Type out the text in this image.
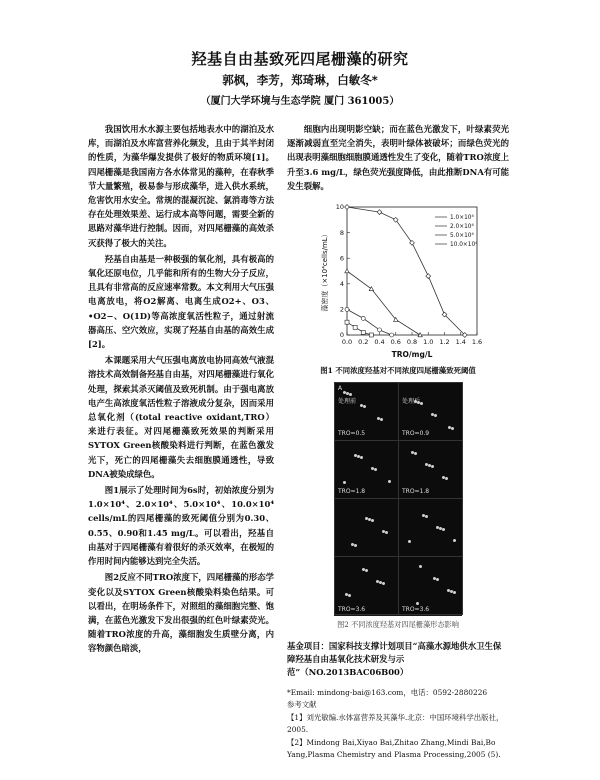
羟基自由基致死四尾栅藻的研究
郭枫，李芳，郑琦琳，白敏冬*
（厦门大学环境与生态学院 厦门 361005）

我国饮用水水源主要包括地表水中的湖泊及水库，而湖泊及水库富营养化频发，且由于其半封闭的性质，为藻华爆发提供了极好的物质环境[1]。四尾栅藻是我国南方各水体常见的藻种，在春秋季节大量繁殖，极易参与形成藻华，进入供水系统，危害饮用水安全。常规的混凝沉淀、氯消毒等方法存在处理效果差、运行成本高等问题，需要全新的思路对藻华进行控制。因而，对四尾栅藻的高效杀灭获得了极大的关注。

羟基自由基是一种极强的氧化剂，具有极高的氧化还原电位，几乎能和所有的生物大分子反应，且具有非常高的反应速率常数。本文利用大气压强电离放电，将O2解离、电离生成O2+、O3、•O2−、O(1D)等高浓度氧活性粒子，通过射流器高压、空穴效应，实现了羟基自由基的高效生成[2]。

本课题采用大气压强电离放电协同高效气液混溶技术高效制备羟基自由基，对四尾栅藻进行氧化处理，探索其杀灭阈值及致死机制。由于强电离放电产生高浓度氧活性粒子溶液成分复杂，因而采用总氧化剂（(total reactive oxidant,TRO）来进行表征。对四尾栅藻致死效果的判断采用SYTOX Green核酸染料进行判断，在蓝色激发光下，死亡的四尾栅藻失去细胞膜通透性，导致DNA被染成绿色。

图1展示了处理时间为6s时，初始浓度分别为1.0×10⁴、2.0×10⁴、5.0×10⁴、10.0×10⁴ cells/mL的四尾栅藻的致死阈值分别为0.30、0.55、0.90和1.45 mg/L。可以看出，羟基自由基对于四尾栅藻有着很好的杀灭效率，在极短的作用时间内能够达到完全失活。

图2反应不同TRO浓度下，四尾栅藻的形态学变化以及SYTOX Green核酸染料染色结果。可以看出，在明场条件下，对照组的藻细胞完整、饱满，在蓝色光激发下发出很强的红色叶绿素荧光。随着TRO浓度的升高，藻细胞发生质壁分离，内容物颜色暗淡，

细胞内出现明影空缺；而在蓝色光激发下，叶绿素荧光逐渐减弱直至完全消失，表明叶绿体被破坏；而绿色荧光的出现表明藻细胞细胞膜通透性发生了变化，随着TRO浓度上升至3.6 mg/L，绿色荧光强度降低，由此推断DNA有可能发生裂解。

0.0 0.2 0.4 0.6 0.8 1.0 1.2 1.4 1.6
0
2
4
6
8
10
TRO/mg/L
藻密度（×10⁴cells/mL）
1.0×10⁴
2.0×10⁴
5.0×10⁴
10.0×10⁴
图1 不同浓度羟基对不同浓度四尾栅藻致死阈值
A
处理前	处理后
TRO=0.5	TRO=0.9
TRO=1.8	TRO=1.8
TRO=3.6	TRO=3.6
图2 不同浓度羟基对四尾栅藻形态影响
基金项目：国家科技支撑计划项目“高藻水源地供水卫生保障羟基自由基氧化技术研发与示范”（NO.2013BAC06B00）
*Email: mindong-bai@163.com，电话：0592-2880226
参考文献
【1】刘光敏编.水体富营养及其藻华.北京：中国环境科学出版社，2005.
【2】Mindong Bai,Xiyao Bai,Zhitao Zhang,Mindi Bai,Bo Yang,Plasma Chemistry and Plasma Processing,2005 (5).
